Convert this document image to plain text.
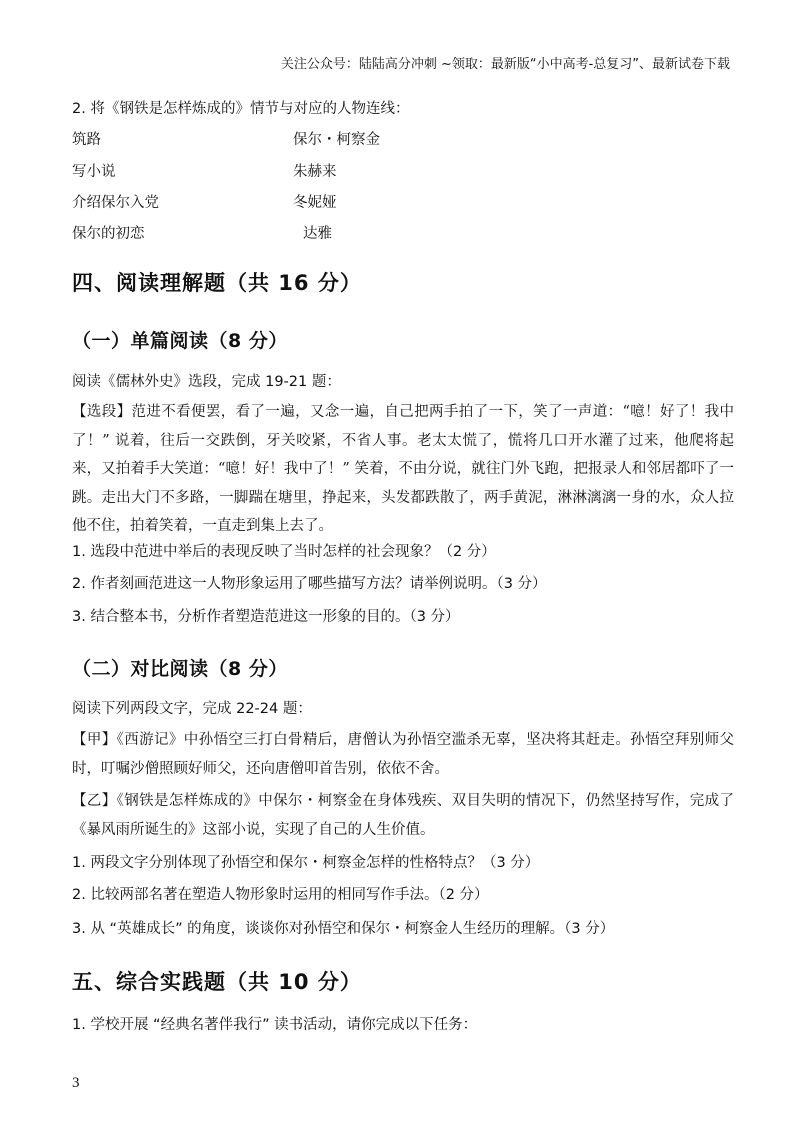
关注公众号：陆陆高分冲刺 ~领取：最新版“小中高考-总复习”、最新试卷下载
2. 将《钢铁是怎样炼成的》情节与对应的人物连线：
筑路
写小说
介绍保尔入党
保尔的初恋
保尔・柯察金
朱赫来
冬妮娅
达雅
四、阅读理解题（共 16 分）
（一）单篇阅读（8 分）
阅读《儒林外史》选段，完成 19-21 题：
【选段】范进不看便罢，看了一遍，又念一遍，自己把两手拍了一下，笑了一声道：“噫！好了！我中了！” 说着，往后一交跌倒，牙关咬紧，不省人事。老太太慌了，慌将几口开水灌了过来，他爬将起来，又拍着手大笑道：“噫！好！我中了！” 笑着，不由分说，就往门外飞跑，把报录人和邻居都吓了一跳。走出大门不多路，一脚踹在塘里，挣起来，头发都跌散了，两手黄泥，淋淋漓漓一身的水，众人拉他不住，拍着笑着，一直走到集上去了。
1. 选段中范进中举后的表现反映了当时怎样的社会现象？（2 分）
2. 作者刻画范进这一人物形象运用了哪些描写方法？请举例说明。（3 分）
3. 结合整本书，分析作者塑造范进这一形象的目的。（3 分）
（二）对比阅读（8 分）
阅读下列两段文字，完成 22-24 题：
【甲】《西游记》中孙悟空三打白骨精后，唐僧认为孙悟空滥杀无辜，坚决将其赶走。孙悟空拜别师父时，叮嘱沙僧照顾好师父，还向唐僧叩首告别，依依不舍。
【乙】《钢铁是怎样炼成的》中保尔・柯察金在身体残疾、双目失明的情况下，仍然坚持写作，完成了《暴风雨所诞生的》这部小说，实现了自己的人生价值。
1. 两段文字分别体现了孙悟空和保尔・柯察金怎样的性格特点？（3 分）
2. 比较两部名著在塑造人物形象时运用的相同写作手法。（2 分）
3. 从 “英雄成长” 的角度，谈谈你对孙悟空和保尔・柯察金人生经历的理解。（3 分）
五、综合实践题（共 10 分）
1. 学校开展 “经典名著伴我行” 读书活动，请你完成以下任务：
3
